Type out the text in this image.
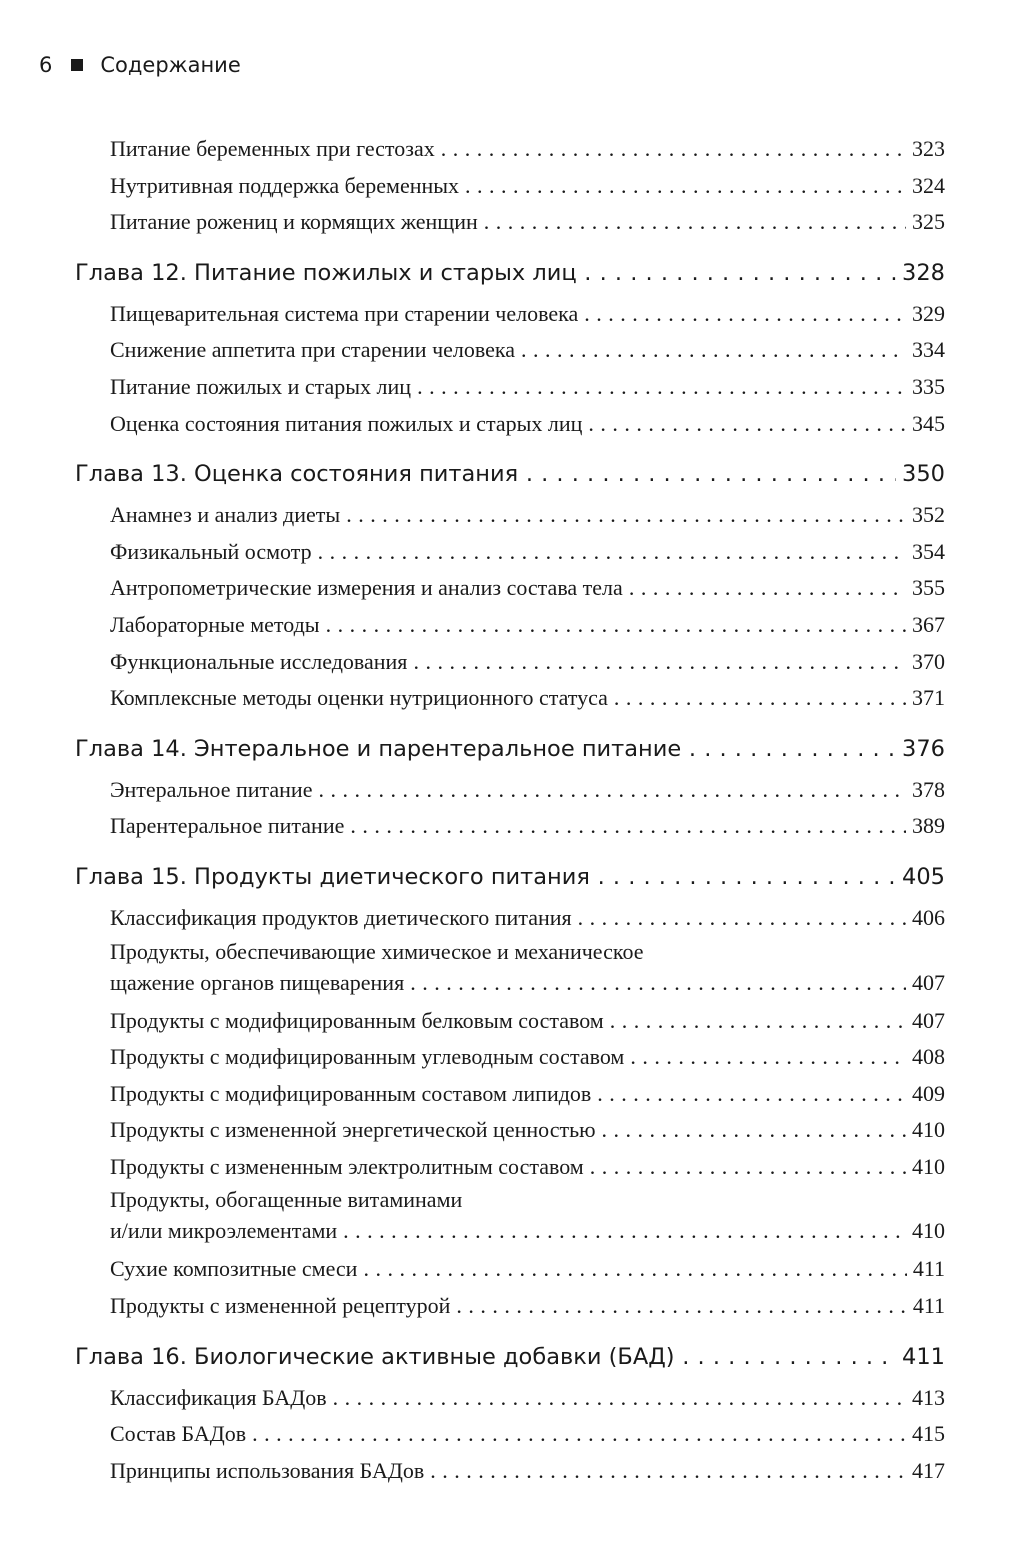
6 Содержание
Питание беременных при гестозах . . .	323
Нутритивная поддержка беременных . . .	324
Питание рожениц и кормящих женщин . . .	325
Глава 12. Питание пожилых и старых лиц . . .	328
Пищеварительная система при старении человека . . .	329
Снижение аппетита при старении человека . . .	334
Питание пожилых и старых лиц . . .	335
Оценка состояния питания пожилых и старых лиц . . .	345
Глава 13. Оценка состояния питания . . .	350
Анамнез и анализ диеты . . .	352
Физикальный осмотр . . .	354
Антропометрические измерения и анализ состава тела . . .	355
Лабораторные методы . . .	367
Функциональные исследования . . .	370
Комплексные методы оценки нутриционного статуса . . .	371
Глава 14. Энтеральное и парентеральное питание . . .	376
Энтеральное питание . . .	378
Парентеральное питание . . .	389
Глава 15. Продукты диетического питания . . .	405
Классификация продуктов диетического питания . . .	406
Продукты, обеспечивающие химическое и механическое
щажение органов пищеварения . . .	407
Продукты с модифицированным белковым составом . . .	407
Продукты с модифицированным углеводным составом . . .	408
Продукты с модифицированным составом липидов . . .	409
Продукты с измененной энергетической ценностью . . .	410
Продукты с измененным электролитным составом . . .	410
Продукты, обогащенные витаминами
и/или микроэлементами . . .	410
Сухие композитные смеси . . .	411
Продукты с измененной рецептурой . . .	411
Глава 16. Биологические активные добавки (БАД) . . .	411
Классификация БАДов . . .	413
Состав БАДов . . .	415
Принципы использования БАДов . . .	417
